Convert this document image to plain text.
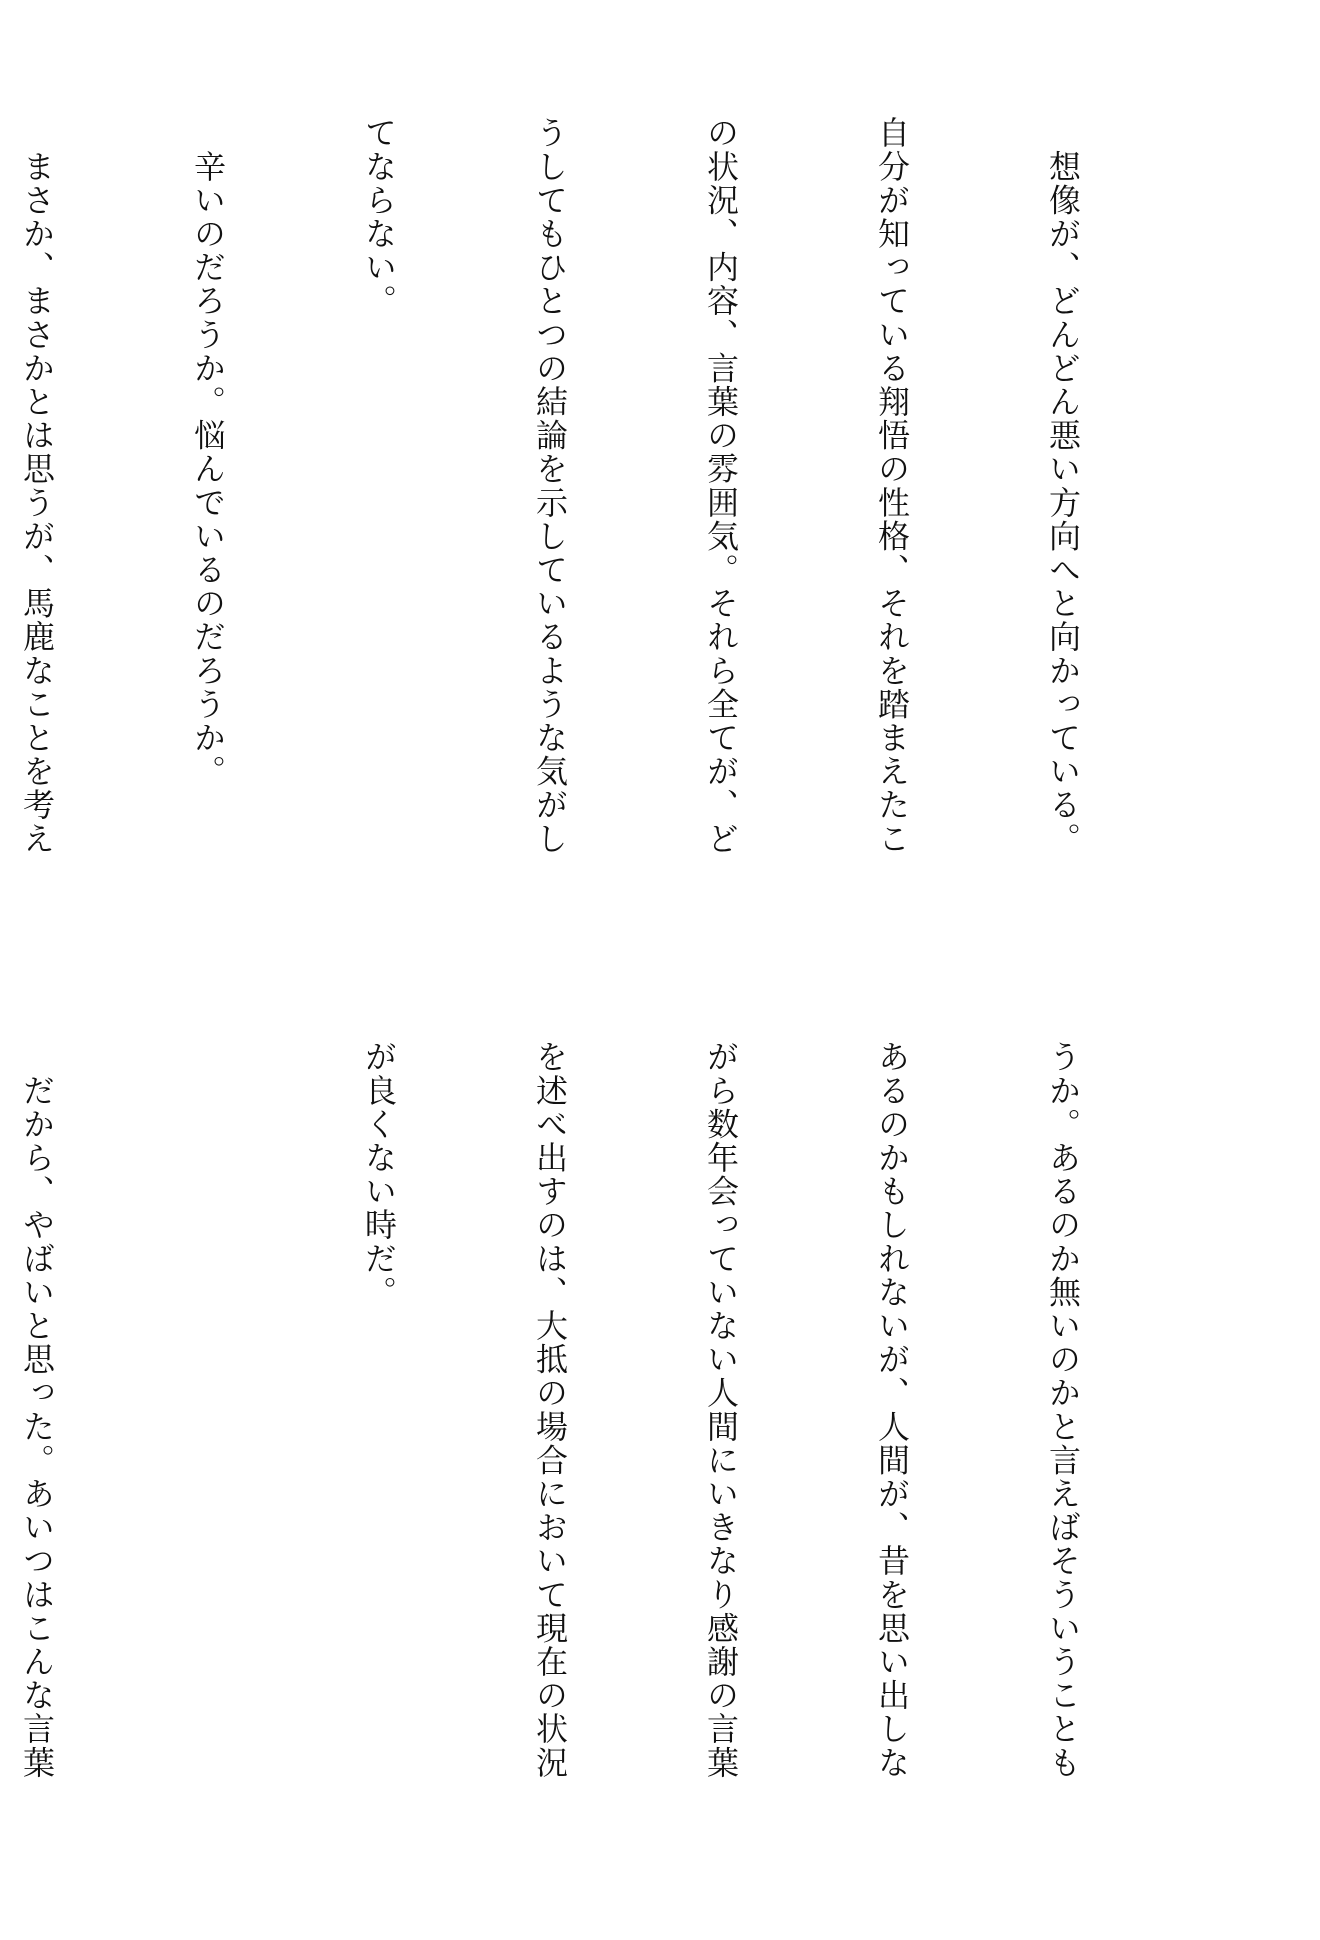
　想像が、どんどん悪い方向へと向かっている。

自分が知っている翔悟の性格、それを踏まえたこ

の状況、内容、言葉の雰囲気。それら全てが、ど

うしてもひとつの結論を示しているような気がし

てならない。

　辛いのだろうか。悩んでいるのだろうか。

　まさか、まさかとは思うが、馬鹿なことを考え

うか。あるのか無いのかと言えばそういうことも

あるのかもしれないが、人間が、昔を思い出しな

がら数年会っていない人間にいきなり感謝の言葉

を述べ出すのは、大抵の場合において現在の状況

が良くない時だ。

　だから、やばいと思った。あいつはこんな言葉
